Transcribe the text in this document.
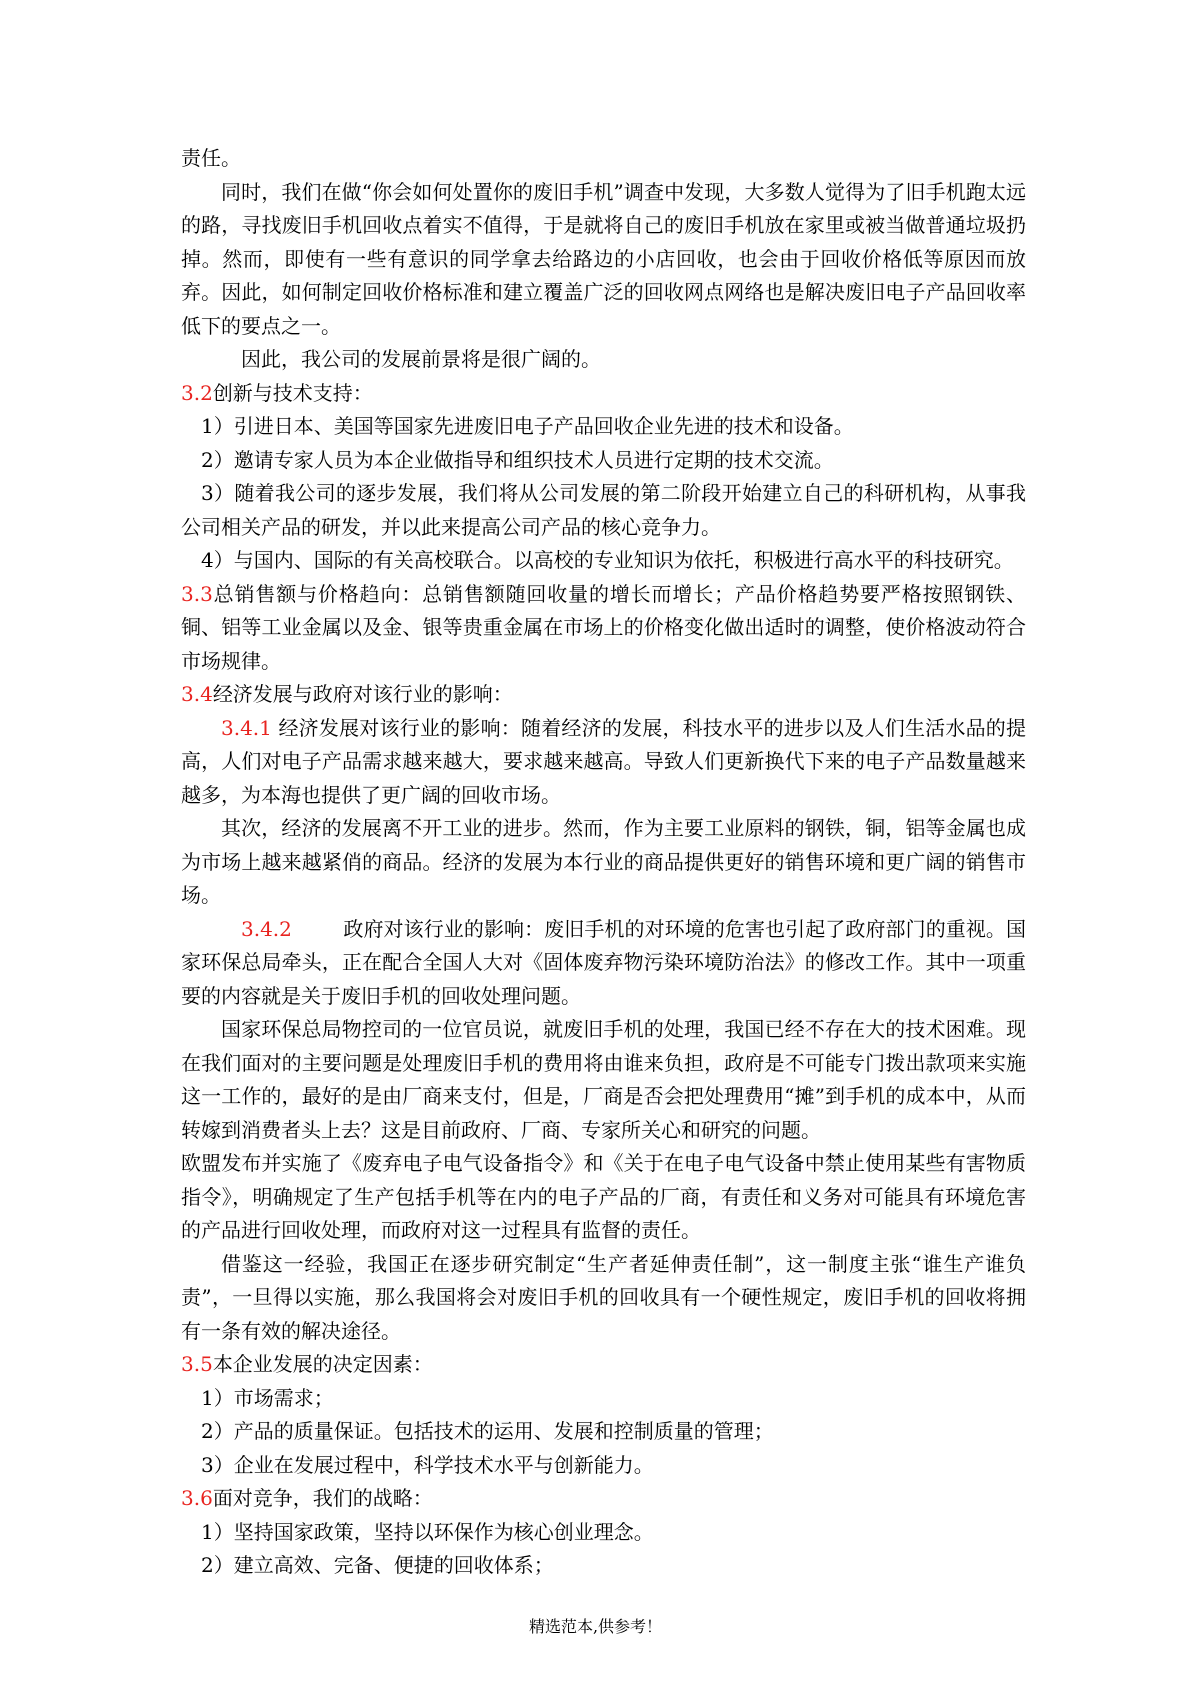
责任。

同时，我们在做“你会如何处置你的废旧手机”调查中发现，大多数人觉得为了旧手机跑太远的路，寻找废旧手机回收点着实不值得，于是就将自己的废旧手机放在家里或被当做普通垃圾扔掉。然而，即使有一些有意识的同学拿去给路边的小店回收，也会由于回收价格低等原因而放弃。因此，如何制定回收价格标准和建立覆盖广泛的回收网点网络也是解决废旧电子产品回收率低下的要点之一。

因此，我公司的发展前景将是很广阔的。

3.2创新与技术支持：

1）引进日本、美国等国家先进废旧电子产品回收企业先进的技术和设备。

2）邀请专家人员为本企业做指导和组织技术人员进行定期的技术交流。

3）随着我公司的逐步发展，我们将从公司发展的第二阶段开始建立自己的科研机构，从事我公司相关产品的研发，并以此来提高公司产品的核心竞争力。

4）与国内、国际的有关高校联合。以高校的专业知识为依托，积极进行高水平的科技研究。

3.3总销售额与价格趋向：总销售额随回收量的增长而增长；产品价格趋势要严格按照钢铁、铜、铝等工业金属以及金、银等贵重金属在市场上的价格变化做出适时的调整，使价格波动符合市场规律。

3.4经济发展与政府对该行业的影响：

3.4.1 经济发展对该行业的影响：随着经济的发展，科技水平的进步以及人们生活水品的提高，人们对电子产品需求越来越大，要求越来越高。导致人们更新换代下来的电子产品数量越来越多，为本海也提供了更广阔的回收市场。

其次，经济的发展离不开工业的进步。然而，作为主要工业原料的钢铁，铜，铝等金属也成为市场上越来越紧俏的商品。经济的发展为本行业的商品提供更好的销售环境和更广阔的销售市场。

3.4.2	政府对该行业的影响：废旧手机的对环境的危害也引起了政府部门的重视。国家环保总局牵头，正在配合全国人大对《固体废弃物污染环境防治法》的修改工作。其中一项重要的内容就是关于废旧手机的回收处理问题。

国家环保总局物控司的一位官员说，就废旧手机的处理，我国已经不存在大的技术困难。现在我们面对的主要问题是处理废旧手机的费用将由谁来负担，政府是不可能专门拨出款项来实施这一工作的，最好的是由厂商来支付，但是，厂商是否会把处理费用“摊”到手机的成本中，从而转嫁到消费者头上去？这是目前政府、厂商、专家所关心和研究的问题。

欧盟发布并实施了《废弃电子电气设备指令》和《关于在电子电气设备中禁止使用某些有害物质指令》，明确规定了生产包括手机等在内的电子产品的厂商，有责任和义务对可能具有环境危害的产品进行回收处理，而政府对这一过程具有监督的责任。

借鉴这一经验，我国正在逐步研究制定“生产者延伸责任制”，这一制度主张“谁生产谁负责”，一旦得以实施，那么我国将会对废旧手机的回收具有一个硬性规定，废旧手机的回收将拥有一条有效的解决途径。

3.5本企业发展的决定因素：

1）市场需求；

2）产品的质量保证。包括技术的运用、发展和控制质量的管理；

3）企业在发展过程中，科学技术水平与创新能力。

3.6面对竞争，我们的战略：

1）坚持国家政策，坚持以环保作为核心创业理念。

2）建立高效、完备、便捷的回收体系；

精选范本,供参考！
